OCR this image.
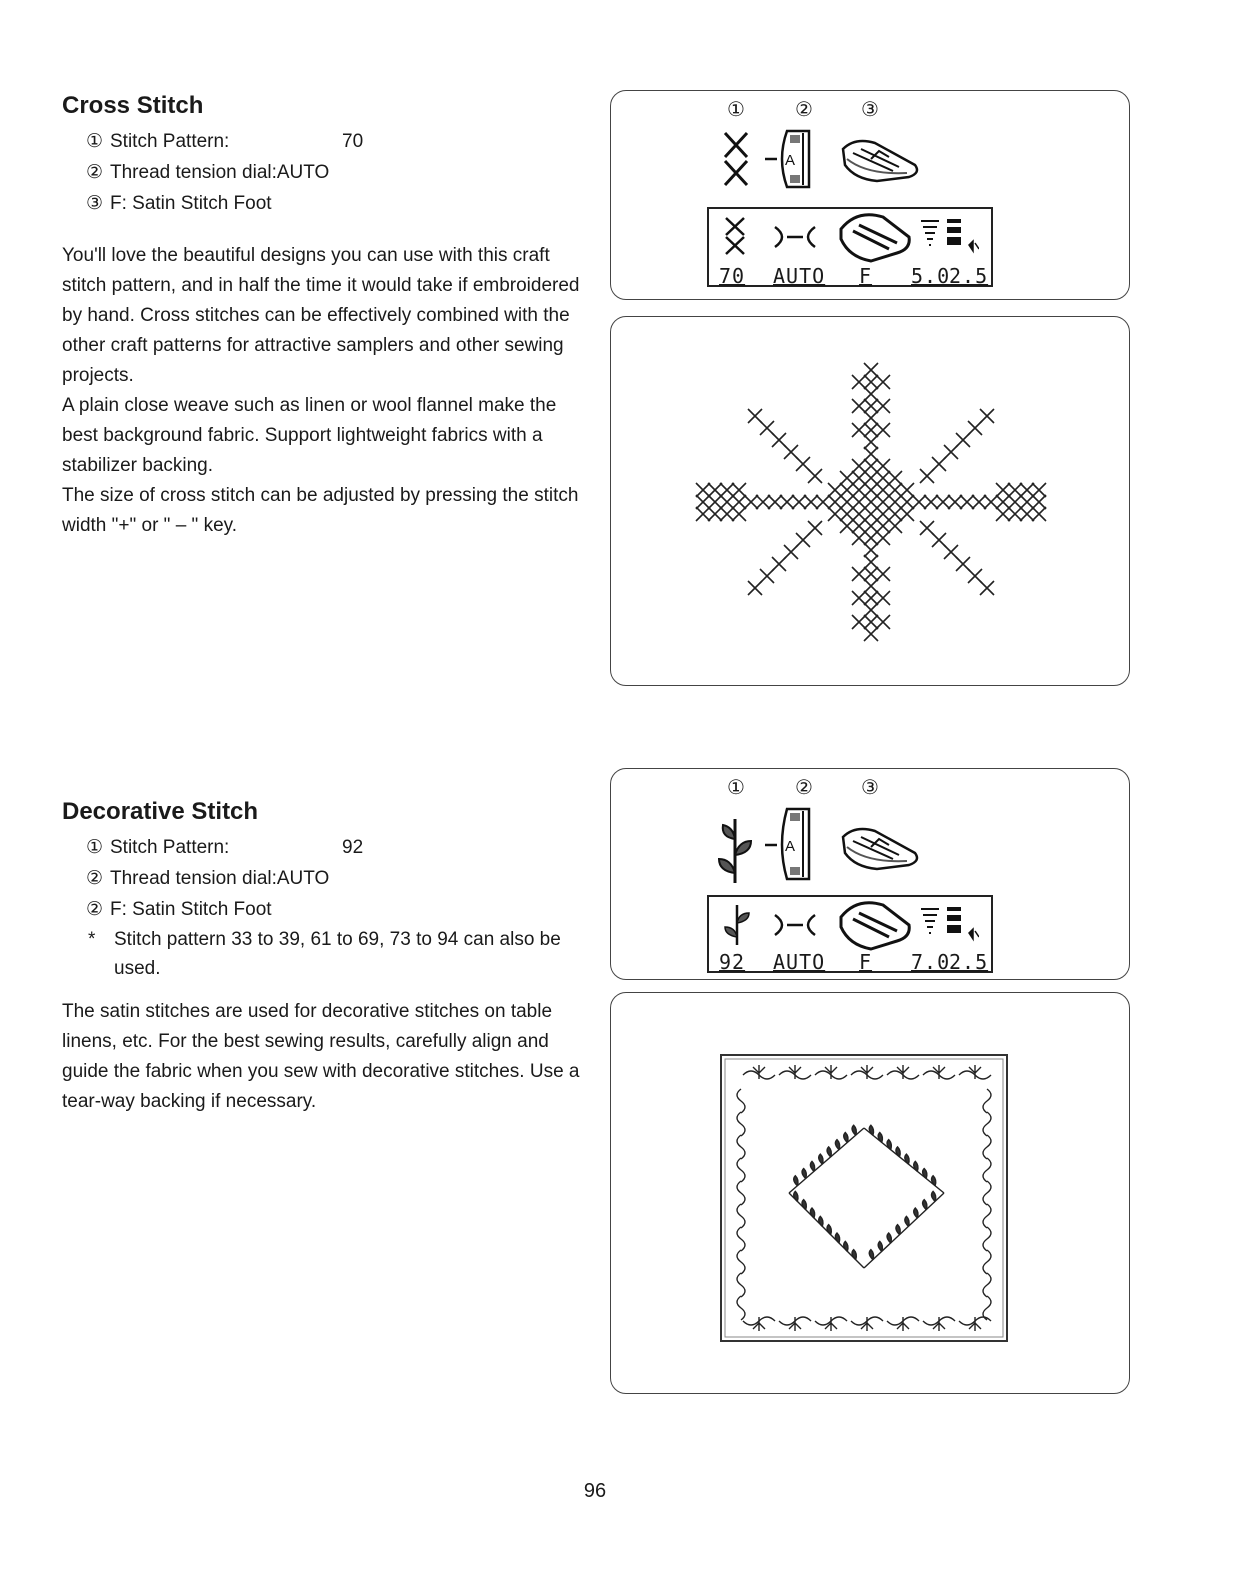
Cross Stitch
① Stitch Pattern:	70
② Thread tension dial:AUTO
③ F: Satin Stitch Foot

You'll love the beautiful designs you can use with this craft stitch pattern, and in half the time it would take if embroidered by hand. Cross stitches can be effectively combined with the other craft patterns for attractive samplers and other sewing projects.

A plain close weave such as linen or wool flannel make the best background fabric. Support lightweight fabrics with a stabilizer backing.

The size of cross stitch can be adjusted by pressing the stitch width "+" or " – " key.

①	② ③
A
70 AUTO F 5.0
2.5
Decorative Stitch
① Stitch Pattern:	92
② Thread tension dial:AUTO
② F: Satin Stitch Foot
* Stitch pattern 33 to 39, 61 to 69, 73 to 94 can also be used.

The satin stitches are used for decorative stitches on table linens, etc. For the best sewing results, carefully align and guide the fabric when you sew with decorative stitches. Use a tear-way backing if necessary.

①	② ③
A
92 AUTO F 7.0
2.5
96
